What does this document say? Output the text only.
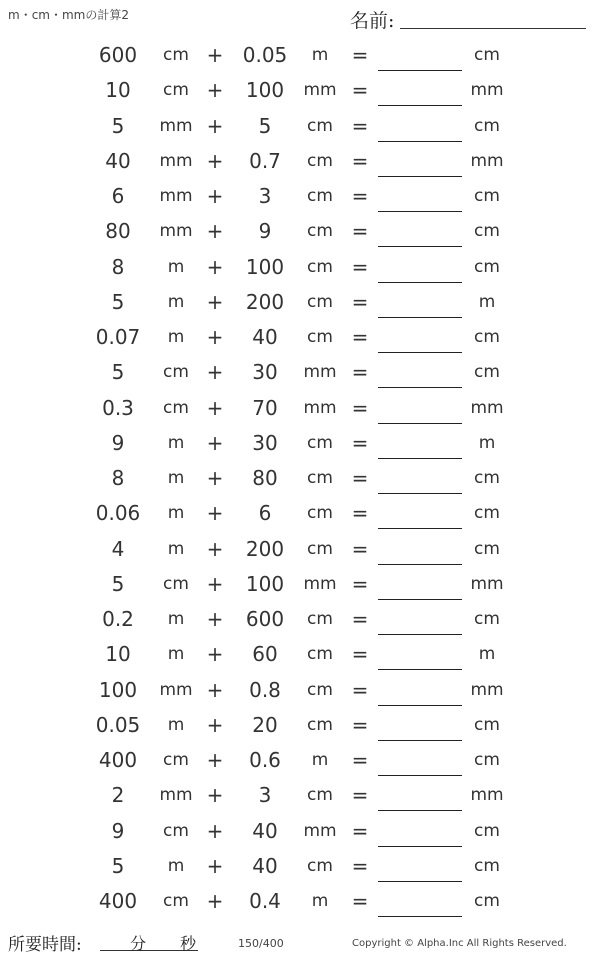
m・cm・mmの計算2	名前:
600	cm + 0.05	m	=	cm
10	cm +	100	mm =	mm
5	mm +	5	cm =	cm
40	mm +	0.7	cm =	mm
6	mm +	3	cm =	cm
80	mm +	9	cm =	cm
8	m	+	100	cm =	cm
5	m	+	200	cm =	m
0.07	m	+	40	cm =	cm
5	cm +	30	mm =	cm
0.3	cm +	70	mm =	mm
9	m	+	30	cm =	m
8	m	+	80	cm =	cm
0.06	m	+	6	cm =	cm
4	m	+	200	cm =	cm
5	cm +	100	mm =	mm
0.2	m	+	600	cm =	cm
10	m	+	60	cm =	m
100	mm +	0.8	cm =	mm
0.05	m	+	20	cm =	cm
400	cm +	0.6	m	=	cm
2	mm +	3	cm =	mm
9	cm +	40	mm =	cm
5	m	+	40	cm =	cm
400	cm +	0.4	m	=	cm
所要時間:	分 秒	150/400	Copyright © Alpha.Inc All Rights Reserved.
